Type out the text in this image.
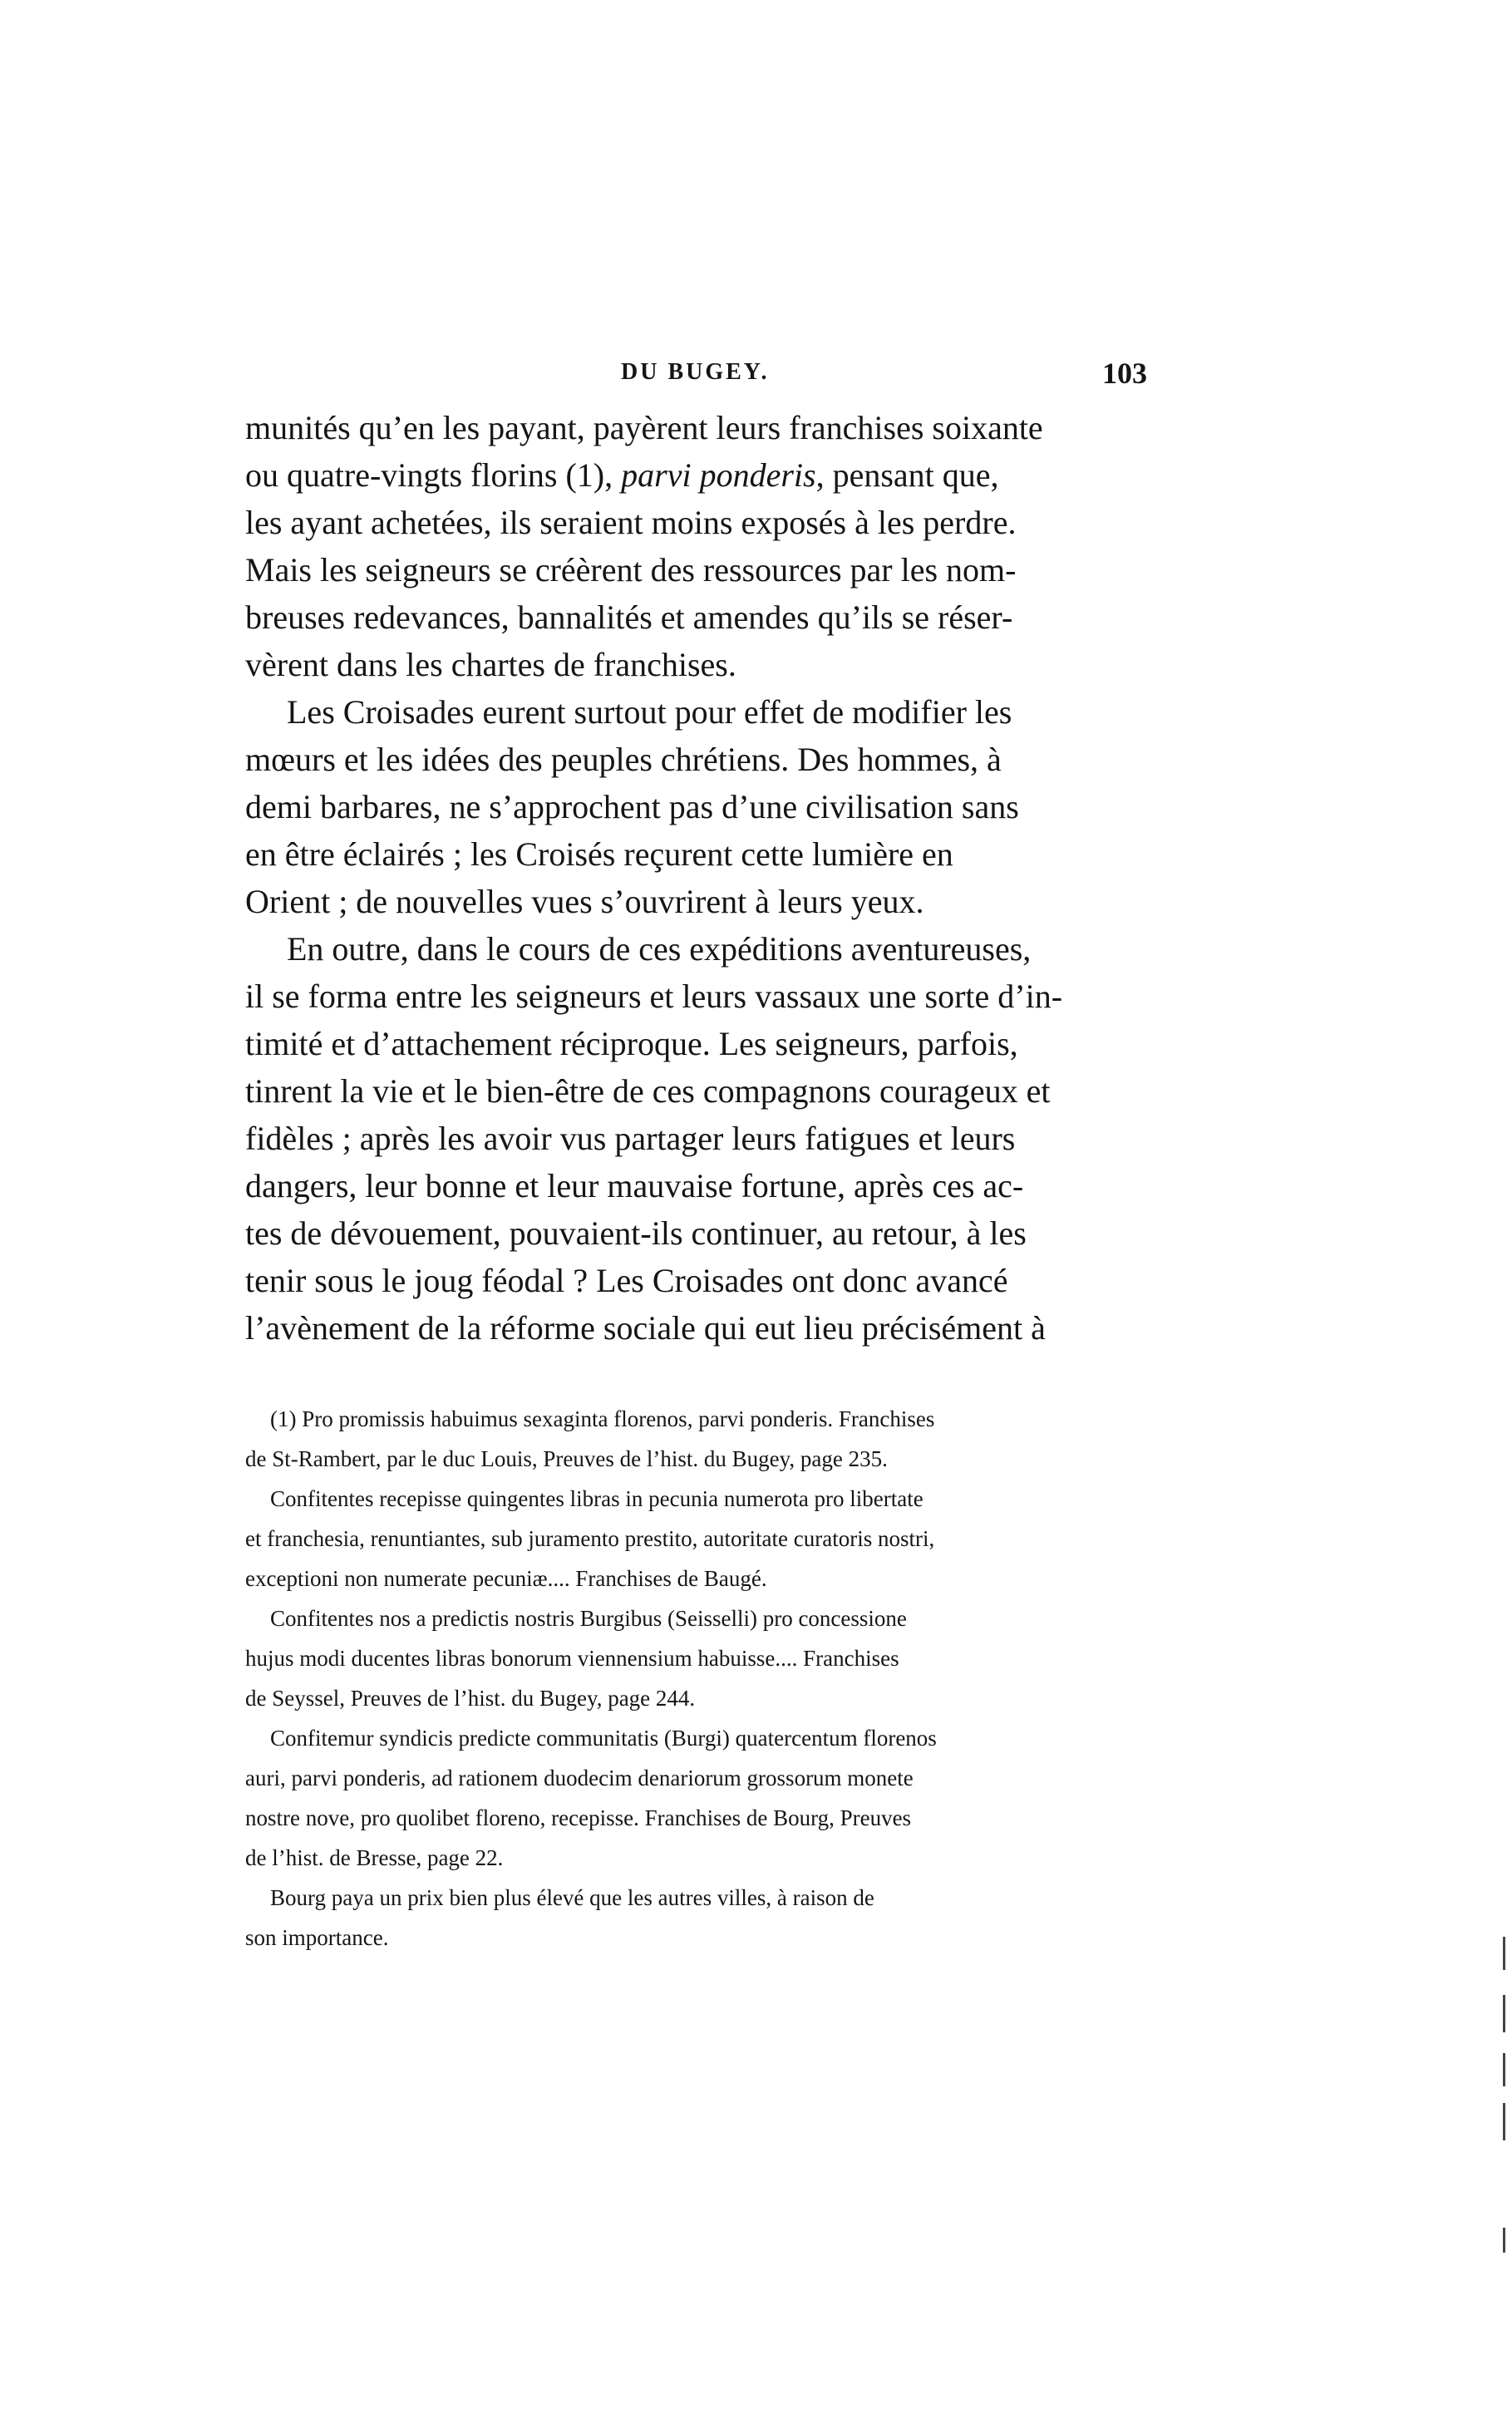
DU BUGEY.	103
munités qu’en les payant, payèrent leurs franchises soixante
ou quatre-vingts florins (1), parvi ponderis, pensant que,
les ayant achetées, ils seraient moins exposés à les perdre.
Mais les seigneurs se créèrent des ressources par les nom-
breuses redevances, bannalités et amendes qu’ils se réser-
vèrent dans les chartes de franchises.
Les Croisades eurent surtout pour effet de modifier les
mœurs et les idées des peuples chrétiens. Des hommes, à
demi barbares, ne s’approchent pas d’une civilisation sans
en être éclairés ; les Croisés reçurent cette lumière en
Orient ; de nouvelles vues s’ouvrirent à leurs yeux.
En outre, dans le cours de ces expéditions aventureuses,
il se forma entre les seigneurs et leurs vassaux une sorte d’in-
timité et d’attachement réciproque. Les seigneurs, parfois,
tinrent la vie et le bien-être de ces compagnons courageux et
fidèles ; après les avoir vus partager leurs fatigues et leurs
dangers, leur bonne et leur mauvaise fortune, après ces ac-
tes de dévouement, pouvaient-ils continuer, au retour, à les
tenir sous le joug féodal ? Les Croisades ont donc avancé
l’avènement de la réforme sociale qui eut lieu précisément à
(1) Pro promissis habuimus sexaginta florenos, parvi ponderis. Franchises
de St-Rambert, par le duc Louis, Preuves de l’hist. du Bugey, page 235.
Confitentes recepisse quingentes libras in pecunia numerota pro libertate
et franchesia, renuntiantes, sub juramento prestito, autoritate curatoris nostri,
exceptioni non numerate pecuniæ.... Franchises de Baugé.
Confitentes nos a predictis nostris Burgibus (Seisselli) pro concessione
hujus modi ducentes libras bonorum viennensium habuisse.... Franchises
de Seyssel, Preuves de l’hist. du Bugey, page 244.
Confitemur syndicis predicte communitatis (Burgi) quatercentum florenos
auri, parvi ponderis, ad rationem duodecim denariorum grossorum monete
nostre nove, pro quolibet floreno, recepisse. Franchises de Bourg, Preuves
de l’hist. de Bresse, page 22.
Bourg paya un prix bien plus élevé que les autres villes, à raison de
son importance.
